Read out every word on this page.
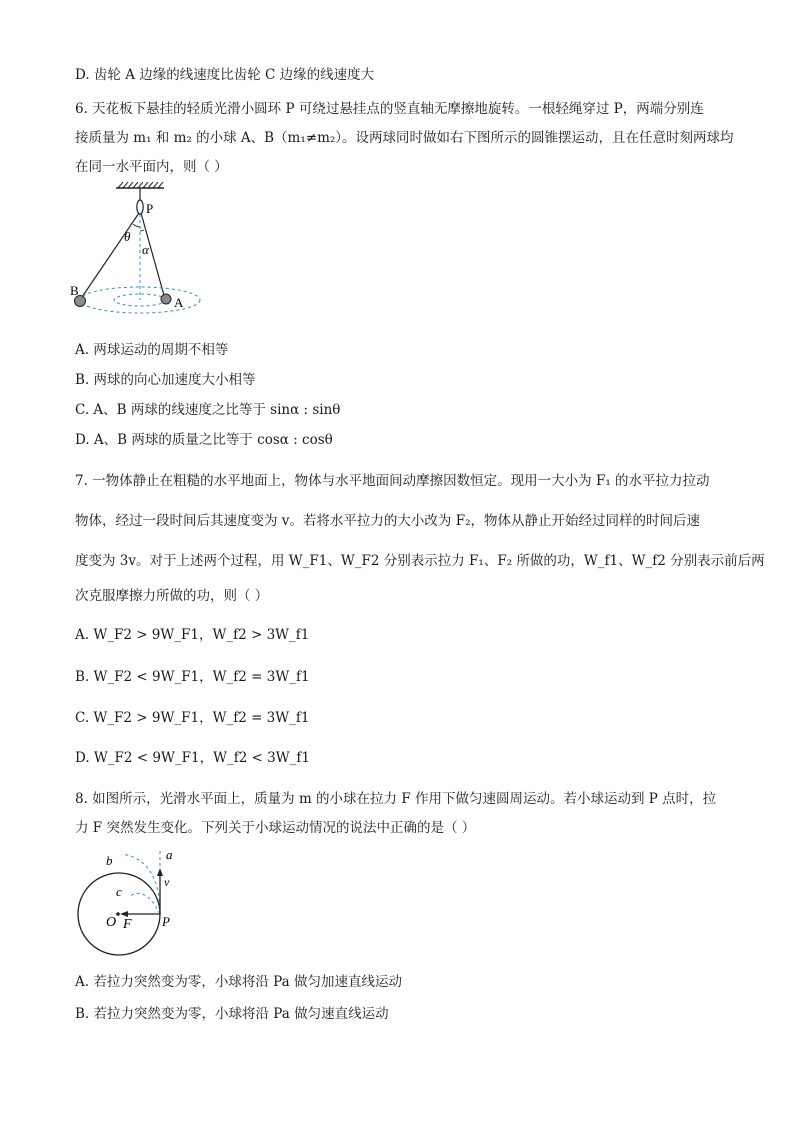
D. 齿轮 A 边缘的线速度比齿轮 C 边缘的线速度大
6. 天花板下悬挂的轻质光滑小圆环 P 可绕过悬挂点的竖直轴无摩擦地旋转。一根轻绳穿过 P，两端分别连
接质量为 m₁ 和 m₂ 的小球 A、B（m₁≠m₂）。设两球同时做如右下图所示的圆锥摆运动，且在任意时刻两球均
在同一水平面内，则（ ）
P
θ
α
B
A
A. 两球运动的周期不相等
B. 两球的向心加速度大小相等
C. A、B 两球的线速度之比等于 sinα : sinθ
D. A、B 两球的质量之比等于 cosα : cosθ
7. 一物体静止在粗糙的水平地面上，物体与水平地面间动摩擦因数恒定。现用一大小为 F₁ 的水平拉力拉动
物体，经过一段时间后其速度变为 v。若将水平拉力的大小改为 F₂，物体从静止开始经过同样的时间后速
度变为 3v。对于上述两个过程，用 W_F1、W_F2 分别表示拉力 F₁、F₂ 所做的功，W_f1、W_f2 分别表示前后两
次克服摩擦力所做的功，则（ ）
A. W_F2 > 9W_F1，W_f2 > 3W_f1
B. W_F2 < 9W_F1，W_f2 = 3W_f1
C. W_F2 > 9W_F1，W_f2 = 3W_f1
D. W_F2 < 9W_F1，W_f2 < 3W_f1
8. 如图所示，光滑水平面上，质量为 m 的小球在拉力 F 作用下做匀速圆周运动。若小球运动到 P 点时，拉
力 F 突然发生变化。下列关于小球运动情况的说法中正确的是（ ）
a
b
c
v
O F P
A. 若拉力突然变为零，小球将沿 Pa 做匀加速直线运动
B. 若拉力突然变为零，小球将沿 Pa 做匀速直线运动
